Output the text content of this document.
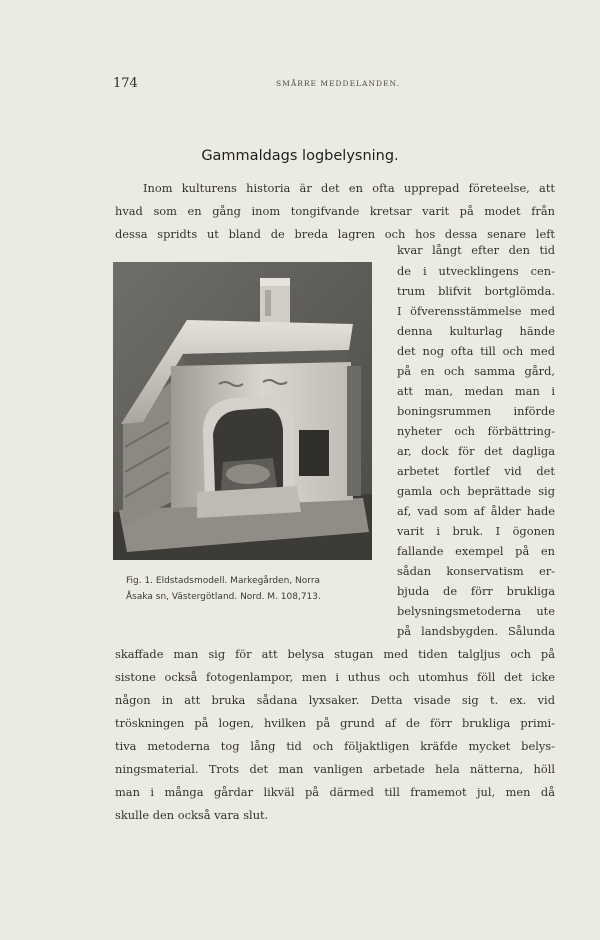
174	SMÅRRE MEDDELANDEN.
Gammaldags logbelysning.
Inom kulturens historia är det en ofta upprepad företeelse, att
hvad som en gång inom tongifvande kretsar varit på modet från
dessa spridts ut bland de breda lagren och hos dessa senare left
Fig. 1. Eldstadsmodell. Markegården, Norra
Åsaka sn, Västergötland. Nord. M. 108,713.
kvar långt efter den tid
de i utvecklingens cen-
trum blifvit bortglömda.
I öfverensstämmelse med
denna kulturlag hände
det nog ofta till och med
på en och samma gård,
att man, medan man i
boningsrummen införde
nyheter och förbättring-
ar, dock för det dagliga
arbetet fortlef vid det
gamla och beprättade sig
af, vad som af ålder hade
varit i bruk. I ögonen
fallande exempel på en
sådan konservatism er-
bjuda de förr brukliga
belysningsmetoderna ute
på landsbygden. Sålunda
skaffade man sig för att belysa stugan med tiden talgljus och på
sistone också fotogenlampor, men i uthus och utomhus föll det icke
någon in att bruka sådana lyxsaker. Detta visade sig t. ex. vid
tröskningen på logen, hvilken på grund af de förr brukliga primi-
tiva metoderna tog lång tid och följaktligen kräfde mycket belys-
ningsmaterial. Trots det man vanligen arbetade hela nätterna, höll
man i många gårdar likväl på därmed till framemot jul, men då
skulle den också vara slut.
